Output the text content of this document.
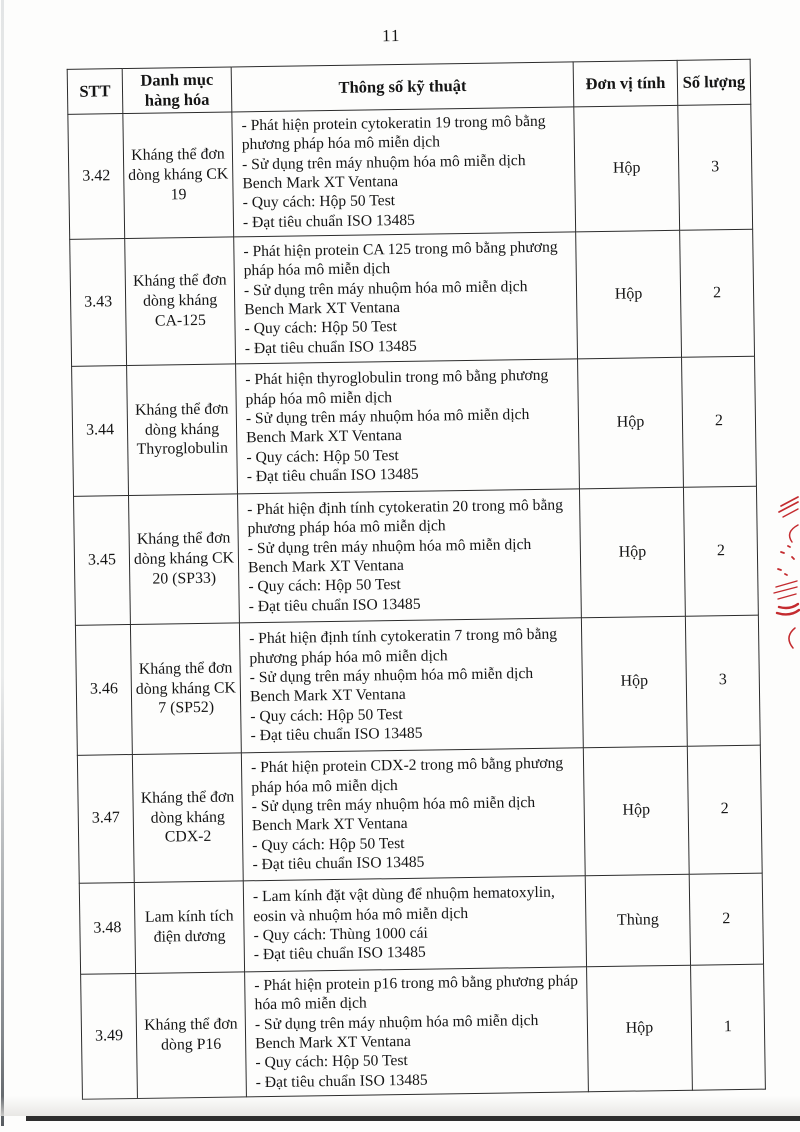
11
STT	Danh mục hàng hóa	Thông số kỹ thuật	Đơn vị tính	Số lượng
3.42	Kháng thể đơn dòng kháng CK 19	- Phát hiện protein cytokeratin 19 trong mô bằng phương pháp hóa mô miễn dịch
- Sử dụng trên máy nhuộm hóa mô miễn dịch Bench Mark XT Ventana
- Quy cách: Hộp 50 Test
- Đạt tiêu chuẩn ISO 13485	Hộp	3
3.43	Kháng thể đơn dòng kháng CA-125	- Phát hiện protein CA 125 trong mô bằng phương pháp hóa mô miễn dịch
- Sử dụng trên máy nhuộm hóa mô miễn dịch Bench Mark XT Ventana
- Quy cách: Hộp 50 Test
- Đạt tiêu chuẩn ISO 13485	Hộp	2
3.44	Kháng thể đơn dòng kháng Thyroglobulin	- Phát hiện thyroglobulin trong mô bằng phương pháp hóa mô miễn dịch
- Sử dụng trên máy nhuộm hóa mô miễn dịch Bench Mark XT Ventana
- Quy cách: Hộp 50 Test
- Đạt tiêu chuẩn ISO 13485	Hộp	2
3.45	Kháng thể đơn dòng kháng CK 20 (SP33)	- Phát hiện định tính cytokeratin 20 trong mô bằng phương pháp hóa mô miễn dịch
- Sử dụng trên máy nhuộm hóa mô miễn dịch Bench Mark XT Ventana
- Quy cách: Hộp 50 Test
- Đạt tiêu chuẩn ISO 13485	Hộp	2
3.46	Kháng thể đơn dòng kháng CK 7 (SP52)	- Phát hiện định tính cytokeratin 7 trong mô bằng phương pháp hóa mô miễn dịch
- Sử dụng trên máy nhuộm hóa mô miễn dịch Bench Mark XT Ventana
- Quy cách: Hộp 50 Test
- Đạt tiêu chuẩn ISO 13485	Hộp	3
3.47	Kháng thể đơn dòng kháng CDX-2	- Phát hiện protein CDX-2 trong mô bằng phương pháp hóa mô miễn dịch
- Sử dụng trên máy nhuộm hóa mô miễn dịch Bench Mark XT Ventana
- Quy cách: Hộp 50 Test
- Đạt tiêu chuẩn ISO 13485	Hộp	2
3.48	Lam kính tích điện dương	- Lam kính đặt vật dùng để nhuộm hematoxylin, eosin và nhuộm hóa mô miễn dịch
- Quy cách: Thùng 1000 cái
- Đạt tiêu chuẩn ISO 13485	Thùng	2
3.49	Kháng thể đơn dòng P16	- Phát hiện protein p16 trong mô bằng phương pháp hóa mô miễn dịch
- Sử dụng trên máy nhuộm hóa mô miễn dịch Bench Mark XT Ventana
- Quy cách: Hộp 50 Test
- Đạt tiêu chuẩn ISO 13485	Hộp	1
